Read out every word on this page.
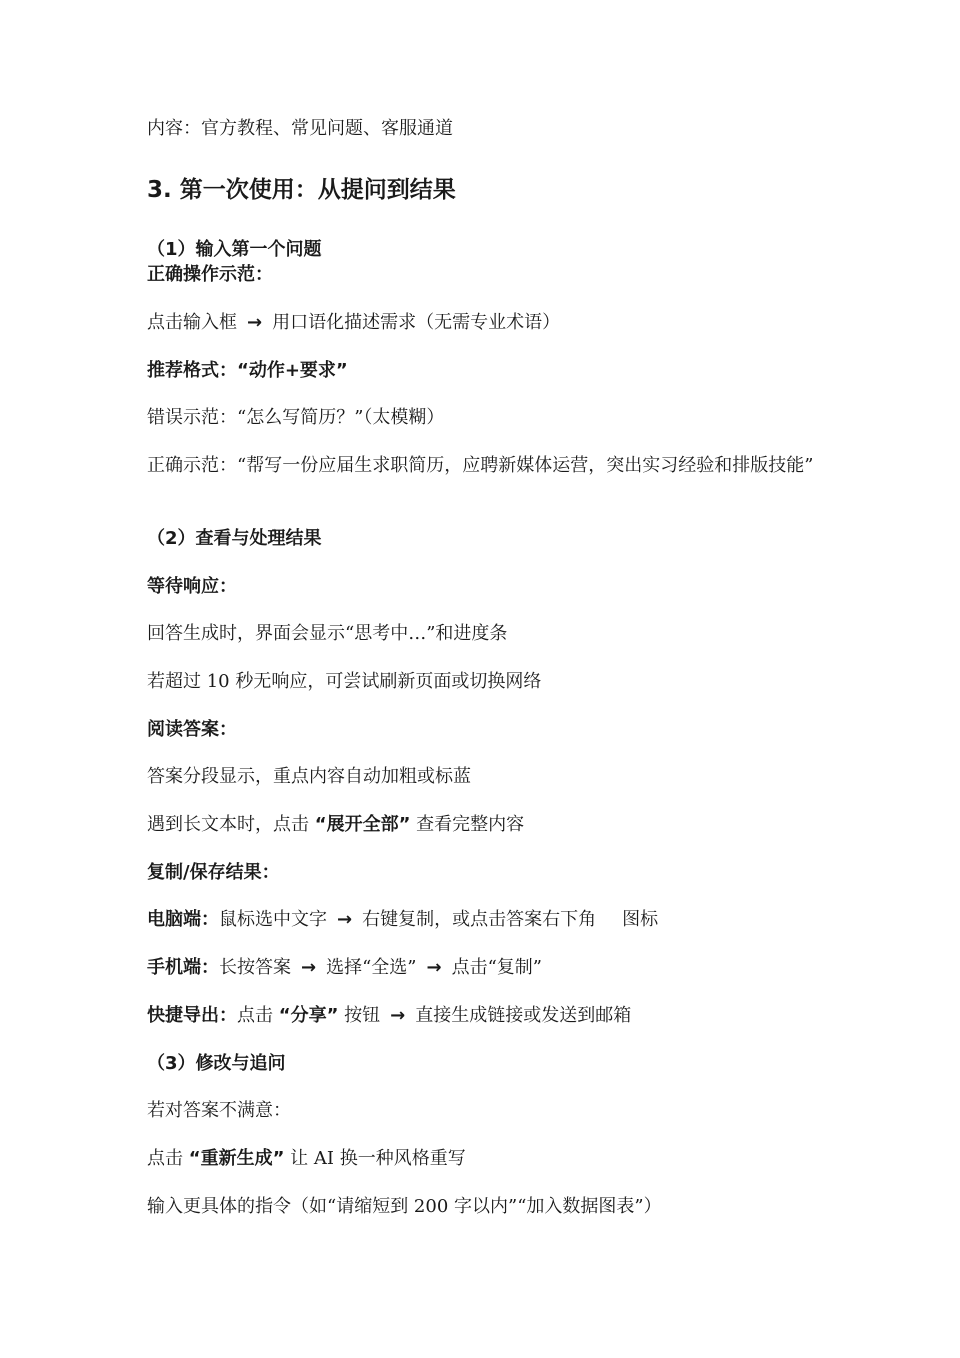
内容：官方教程、常见问题、客服通道
3. 第一次使用：从提问到结果
（1）输入第一个问题
正确操作示范：
点击输入框 → 用口语化描述需求（无需专业术语）
推荐格式：“动作+要求”
错误示范：“怎么写简历？”（太模糊）
正确示范：“帮写一份应届生求职简历，应聘新媒体运营，突出实习经验和排版技能”
（2）查看与处理结果
等待响应：
回答生成时，界面会显示“思考中…”和进度条
若超过 10 秒无响应，可尝试刷新页面或切换网络
阅读答案：
答案分段显示，重点内容自动加粗或标蓝
遇到长文本时，点击 “展开全部” 查看完整内容
复制/保存结果：
电脑端：鼠标选中文字 → 右键复制，或点击答案右下角 图标
手机端：长按答案 → 选择“全选” → 点击“复制”
快捷导出：点击 “分享” 按钮 → 直接生成链接或发送到邮箱
（3）修改与追问
若对答案不满意：
点击 “重新生成” 让 AI 换一种风格重写
输入更具体的指令（如“请缩短到 200 字以内”“加入数据图表”）
